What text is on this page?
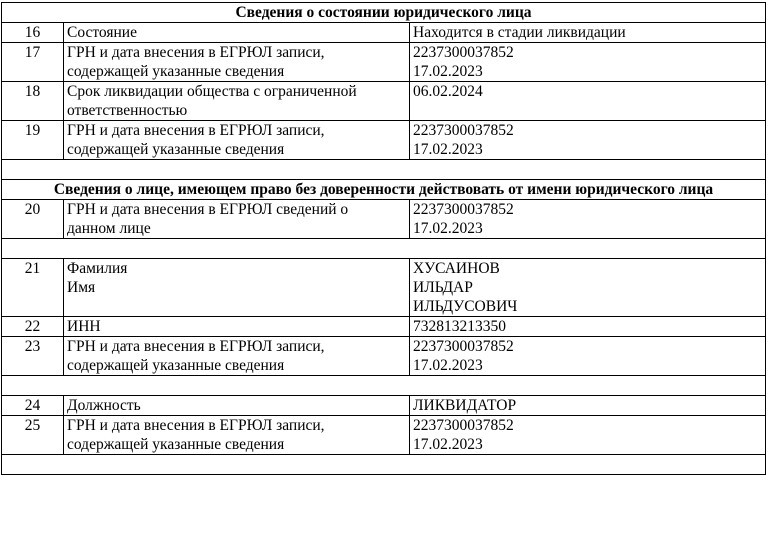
Сведения о состоянии юридического лица		
16	Состояние	Находится в стадии ликвидации
17	ГРН и дата внесения в ЕГРЮЛ записи,
содержащей указанные сведения	2237300037852
17.02.2023

18	Срок ликвидации общества с ограниченной
ответственностью	06.02.2024
19	ГРН и дата внесения в ЕГРЮЛ записи,
содержащей указанные сведения	2237300037852
17.02.2023

Сведения о лице, имеющем право без доверенности действовать от имени юридического лица		
20	ГРН и дата внесения в ЕГРЮЛ сведений о
данном лице	2237300037852
17.02.2023

21	Фамилия
Имя	ХУСАИНОВ
ИЛЬДАР
ИЛЬДУСОВИЧ

22	ИНН	732813213350
23	ГРН и дата внесения в ЕГРЮЛ записи,
содержащей указанные сведения	2237300037852
17.02.2023

24	Должность	ЛИКВИДАТОР
25	ГРН и дата внесения в ЕГРЮЛ записи,
содержащей указанные сведения	2237300037852
17.02.2023
